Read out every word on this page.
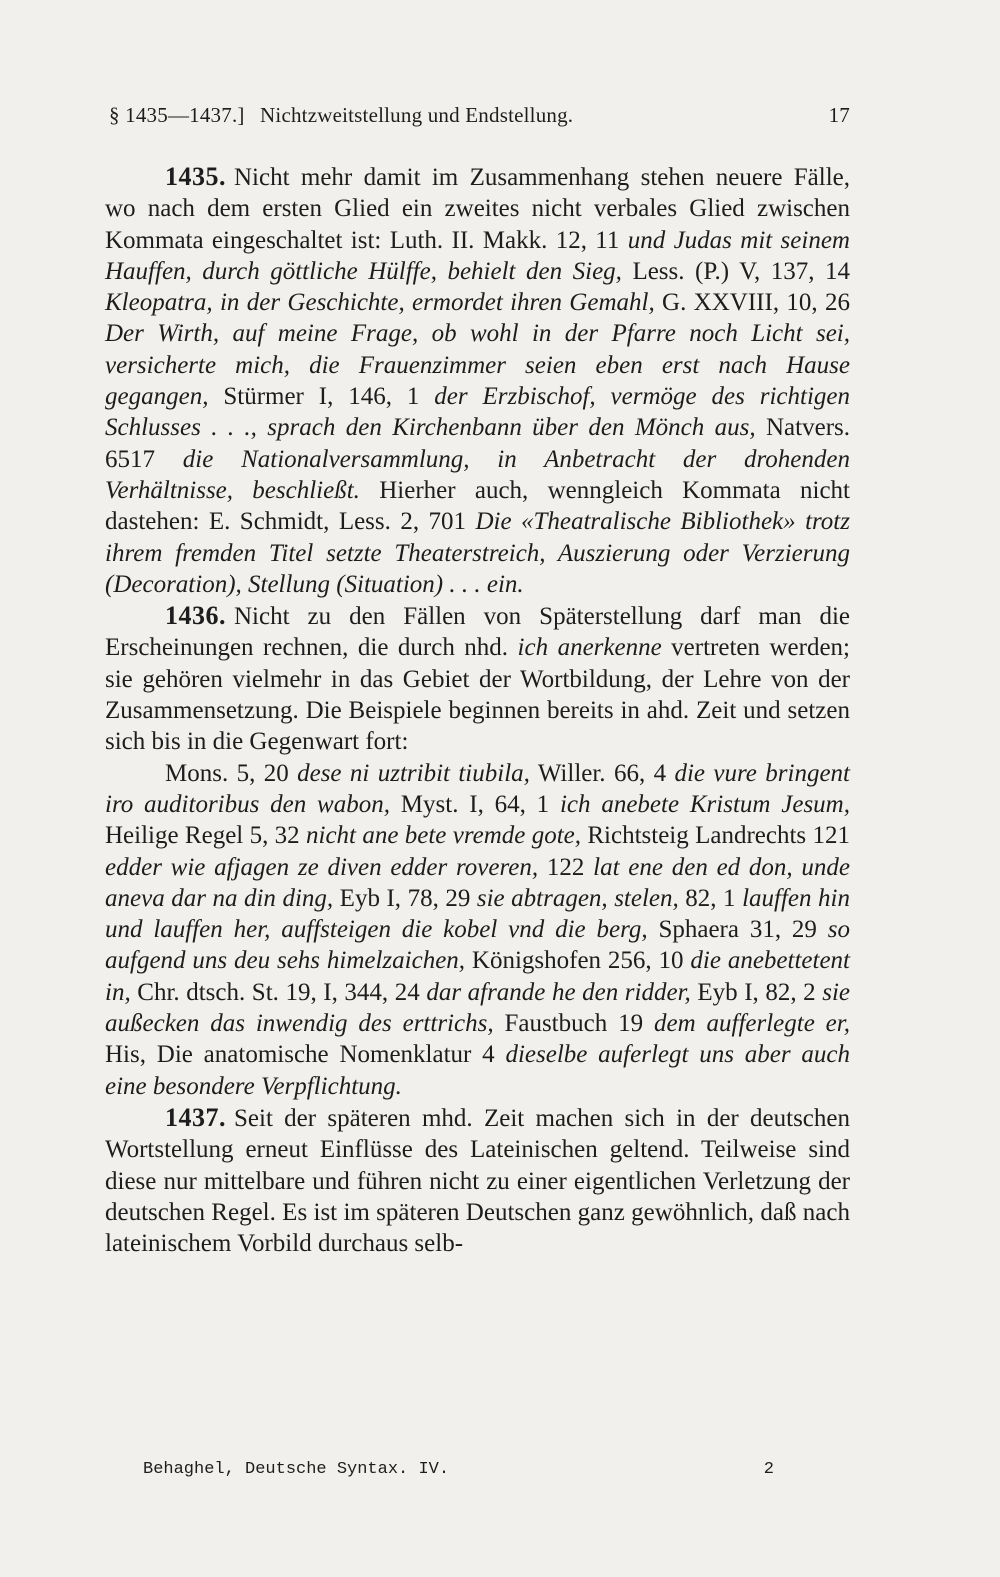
§ 1435—1437.] Nichtzweitstellung und Endstellung.	17

1435. Nicht mehr damit im Zusammenhang stehen neuere Fälle, wo nach dem ersten Glied ein zweites nicht verbales Glied zwischen Kommata eingeschaltet ist: Luth. II. Makk. 12, 11 und Judas mit seinem Hauffen, durch göttliche Hülffe, behielt den Sieg, Less. (P.) V, 137, 14 Kleopatra, in der Geschichte, ermordet ihren Gemahl, G. XXVIII, 10, 26 Der Wirth, auf meine Frage, ob wohl in der Pfarre noch Licht sei, versicherte mich, die Frauenzimmer seien eben erst nach Hause gegangen, Stürmer I, 146, 1 der Erzbischof, vermöge des richtigen Schlusses . . ., sprach den Kirchenbann über den Mönch aus, Natvers. 6517 die Nationalversammlung, in Anbetracht der drohenden Verhältnisse, beschließt. Hierher auch, wenngleich Kommata nicht dastehen: E. Schmidt, Less. 2, 701 Die «Theatralische Bibliothek» trotz ihrem fremden Titel setzte Theaterstreich, Auszierung oder Verzierung (Decoration), Stellung (Situation) . . . ein.

1436. Nicht zu den Fällen von Späterstellung darf man die Erscheinungen rechnen, die durch nhd. ich anerkenne vertreten werden; sie gehören vielmehr in das Gebiet der Wortbildung, der Lehre von der Zusammensetzung. Die Beispiele beginnen bereits in ahd. Zeit und setzen sich bis in die Gegenwart fort:

Mons. 5, 20 dese ni uztribit tiubila, Willer. 66, 4 die vure bringent iro auditoribus den wabon, Myst. I, 64, 1 ich anebete Kristum Jesum, Heilige Regel 5, 32 nicht ane bete vremde gote, Richtsteig Landrechts 121 edder wie afjagen ze diven edder roveren, 122 lat ene den ed don, unde aneva dar na din ding, Eyb I, 78, 29 sie abtragen, stelen, 82, 1 lauffen hin und lauffen her, auffsteigen die kobel vnd die berg, Sphaera 31, 29 so aufgend uns deu sehs himelzaichen, Königshofen 256, 10 die anebettetent in, Chr. dtsch. St. 19, I, 344, 24 dar afrande he den ridder, Eyb I, 82, 2 sie außecken das inwendig des erttrichs, Faustbuch 19 dem aufferlegte er, His, Die anatomische Nomenklatur 4 dieselbe auferlegt uns aber auch eine besondere Verpflichtung.

1437. Seit der späteren mhd. Zeit machen sich in der deutschen Wortstellung erneut Einflüsse des Lateinischen geltend. Teilweise sind diese nur mittelbare und führen nicht zu einer eigentlichen Verletzung der deutschen Regel. Es ist im späteren Deutschen ganz gewöhnlich, daß nach lateinischem Vorbild durchaus selb-

Behaghel, Deutsche Syntax. IV.	2
